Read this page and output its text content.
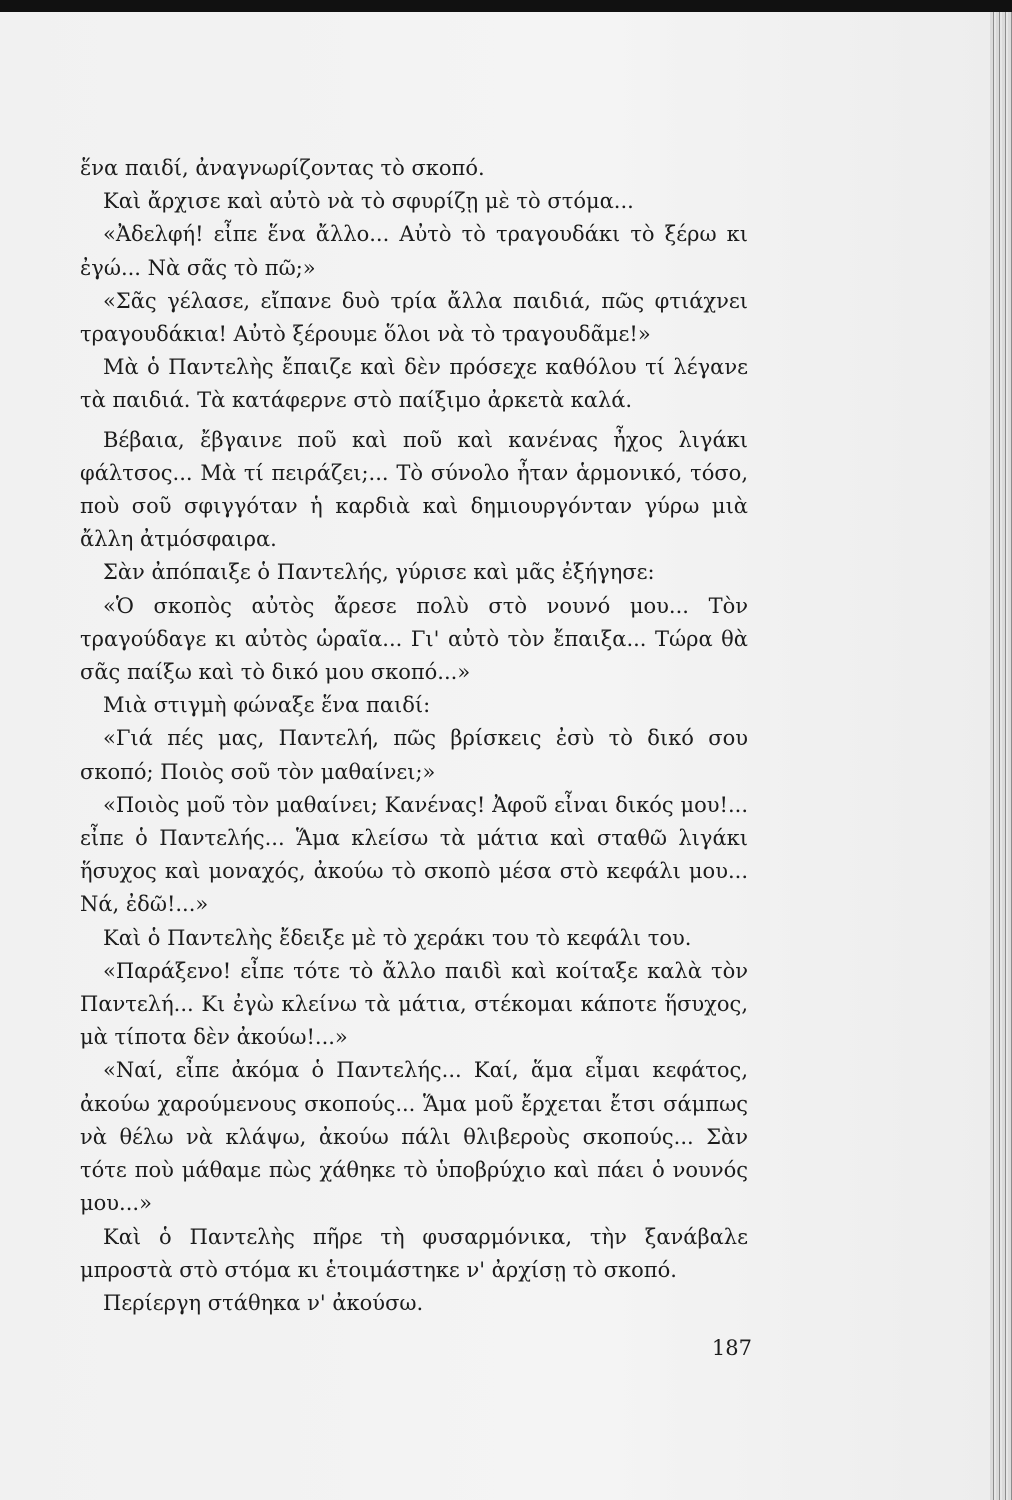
ἕνα παιδί, ἀναγνωρίζοντας τὸ σκοπό.

Καὶ ἄρχισε καὶ αὐτὸ νὰ τὸ σφυρίζῃ μὲ τὸ στόμα...

«Ἀδελφή! εἶπε ἕνα ἄλλο... Αὐτὸ τὸ τραγουδάκι τὸ ξέρω κι ἐγώ... Νὰ σᾶς τὸ πῶ;»

«Σᾶς γέλασε, εἴπανε δυὸ τρία ἄλλα παιδιά, πῶς φτιάχνει τραγουδάκια! Αὐτὸ ξέρουμε ὅλοι νὰ τὸ τραγουδᾶμε!»

Μὰ ὁ Παντελὴς ἔπαιζε καὶ δὲν πρόσεχε καθόλου τί λέγανε τὰ παιδιά. Τὰ κατάφερνε στὸ παίξιμο ἀρκετὰ καλά.

Βέβαια, ἔβγαινε ποῦ καὶ ποῦ καὶ κανένας ἦχος λιγάκι φάλτσος... Μὰ τί πειράζει;... Τὸ σύνολο ἦταν ἁρμονικό, τόσο, ποὺ σοῦ σφιγγόταν ἡ καρδιὰ καὶ δημιουργόνταν γύρω μιὰ ἄλλη ἀτμόσφαιρα.

Σὰν ἀπόπαιξε ὁ Παντελής, γύρισε καὶ μᾶς ἐξήγησε:

«Ὁ σκοπὸς αὐτὸς ἄρεσε πολὺ στὸ νουνό μου... Τὸν τραγούδαγε κι αὐτὸς ὡραῖα... Γι' αὐτὸ τὸν ἔπαιξα... Τώρα θὰ σᾶς παίξω καὶ τὸ δικό μου σκοπό...»

Μιὰ στιγμὴ φώναξε ἕνα παιδί:

«Γιά πές μας, Παντελή, πῶς βρίσκεις ἐσὺ τὸ δικό σου σκοπό; Ποιὸς σοῦ τὸν μαθαίνει;»

«Ποιὸς μοῦ τὸν μαθαίνει; Κανένας! Ἀφοῦ εἶναι δικός μου!... εἶπε ὁ Παντελής... Ἅμα κλείσω τὰ μάτια καὶ σταθῶ λιγάκι ἥσυχος καὶ μοναχός, ἀκούω τὸ σκοπὸ μέσα στὸ κεφάλι μου... Νά, ἐδῶ!...»

Καὶ ὁ Παντελὴς ἔδειξε μὲ τὸ χεράκι του τὸ κεφάλι του.

«Παράξενο! εἶπε τότε τὸ ἄλλο παιδὶ καὶ κοίταξε καλὰ τὸν Παντελή... Κι ἐγὼ κλείνω τὰ μάτια, στέκομαι κάποτε ἥσυχος, μὰ τίποτα δὲν ἀκούω!...»

«Ναί, εἶπε ἀκόμα ὁ Παντελής... Καί, ἅμα εἶμαι κεφάτος, ἀκούω χαρούμενους σκοπούς... Ἅμα μοῦ ἔρχεται ἔτσι σάμπως νὰ θέλω νὰ κλάψω, ἀκούω πάλι θλιβεροὺς σκοπούς... Σὰν τότε ποὺ μάθαμε πὼς χάθηκε τὸ ὑποβρύχιο καὶ πάει ὁ νουνός μου...»

Καὶ ὁ Παντελὴς πῆρε τὴ φυσαρμόνικα, τὴν ξανάβαλε μπροστὰ στὸ στόμα κι ἑτοιμάστηκε ν' ἀρχίσῃ τὸ σκοπό.

Περίεργη στάθηκα ν' ἀκούσω.

187
